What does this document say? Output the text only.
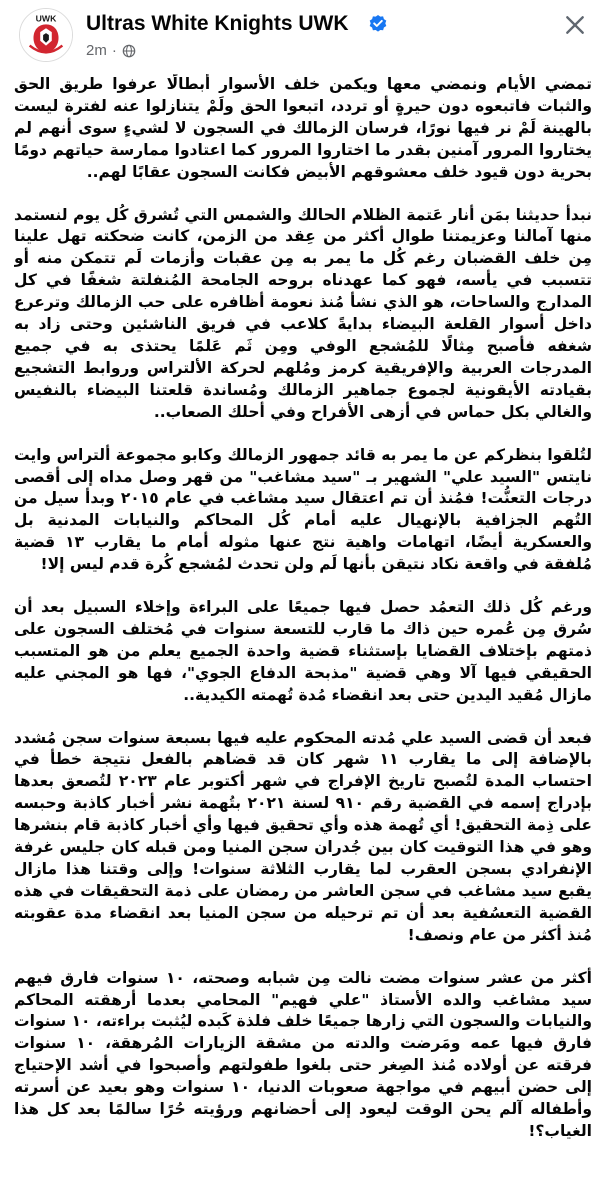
UWK Ultras White Knights UWK
2m ·

تمضي الأيام ونمضي معها ويكمن خلف الأسوار أبطالًا عرفوا طريق الحق والثبات فاتبعوه دون حيرةٍ أو تردد، اتبعوا الحق ولَمْ يتنازلوا عنه لفترة ليست بالهينة لَمْ نر فيها نورًا، فرسان الزمالك في السجون لا لشيءٍ سوى أنهم لم يختاروا المرور آمنين بقدر ما اختاروا المرور كما اعتادوا ممارسة حياتهم دومًا بحرية دون قيود خلف معشوقهم الأبيض فكانت السجون عقابًا لهم..

نبدأ حديثنا بمَن أنار عَتمة الظلام الحالك والشمس التي تُشرق كُل يوم لنستمد منها آمالنا وعزيمتنا طوال أكثر من عِقد من الزمن، كانت ضحكته تهل علينا مِن خلف القضبان رغم كُل ما يمر به مِن عقبات وأزمات لَم تتمكن منه أو تتسبب في يأسه، فهو كما عهدناه بروحه الجامحة المُنفلتة شغفًا في كل المدارج والساحات، هو الذي نشأ مُنذ نعومة أظافره على حب الزمالك وترعرع داخل أسوار القلعة البيضاء بدايةً كلاعب في فريق الناشئين وحتى زاد به شغفه فأصبح مِثالًا للمُشجع الوفي ومِن ثَم عَلمًا يحتذى به في جميع المدرجات العربية والإفريقية كرمز ومُلهم لحركة الألتراس وروابط التشجيع بقيادته الأيقونية لجموع جماهير الزمالك ومُساندة قلعتنا البيضاء بالنفيس والغالي بكل حماس في أزهى الأفراح وفي أحلك الصعاب..

لتُلقوا بنظركم عن ما يمر به قائد جمهور الزمالك وكابو مجموعة ألتراس وايت نايتس "السيد علي" الشهير بـ "سيد مشاغب" من قهر وصل مداه إلى أقصى درجات التعنُّت! فمُنذ أن تم اعتقال سيد مشاغب في عام ٢٠١٥ وبدأ سيل من التُهم الجزافية بالإنهيال عليه أمام كُل المحاكم والنيابات المدنية بل والعسكرية أيضًا، اتهامات واهية نتج عنها مثوله أمام ما يقارب ١٣ قضية مُلفقة في واقعة نكاد نتيقن بأنها لَم ولن تحدث لمُشجع كُرة قدم ليس إلا!

ورغم كُل ذلك التعمُد حصل فيها جميعًا على البراءة وإخلاء السبيل بعد أن سُرق مِن عُمره حين ذاك ما قارب للتسعة سنوات في مُختلف السجون على ذمتهم بإختلاف القضايا بإستثناء قضية واحدة الجميع يعلم من هو المتسبب الحقيقي فيها آلا وهي قضية "مذبحة الدفاع الجوي"، فها هو المجني عليه مازال مُقيد اليدين حتى بعد انقضاء مُدة تُهمته الكيدية..

فبعد أن قضى السيد علي مُدته المحكوم عليه فيها بسبعة سنوات سجن مُشدد بالإضافة إلى ما يقارب ١١ شهر كان قد قضاهم بالفعل نتيجة خطأ في احتساب المدة لتُصبح تاريخ الإفراج في شهر أكتوبر عام ٢٠٢٣ لتُصعق بعدها بإدراج إسمه في القضية رقم ٩١٠ لسنة ٢٠٢١ بتُهمة نشر أخبار كاذبة وحبسه على ذِمة التحقيق! أي تُهمة هذه وأي تحقيق فيها وأي أخبار كاذبة قام بنشرها وهو في هذا التوقيت كان بين جُدران سجن المنيا ومن قبله كان جليس غرفة الإنفرادي بسجن العقرب لما يقارب الثلاثة سنوات! وإلى وقتنا هذا مازال يقبع سيد مشاغب في سجن العاشر من رمضان على ذمة التحقيقات في هذه القضية التعسُفية بعد أن تم ترحيله من سجن المنيا بعد انقضاء مدة عقوبته مُنذ أكثر من عام ونصف!

أكثر من عشر سنوات مضت نالت مِن شبابه وصحته، ١٠ سنوات فارق فيهم سيد مشاغب والده الأستاذ "علي فهيم" المحامي بعدما أرهقته المحاكم والنيابات والسجون التي زارها جميعًا خلف فلذة كَبده ليُثبت براءته، ١٠ سنوات فارق فيها عمه ومَرضت والدته من مشقة الزيارات المُرهقة، ١٠ سنوات فرقته عن أولاده مُنذ الصِغر حتى بلغوا طفولتهم وأصبحوا في أشد الإحتياج إلى حضن أبيهم في مواجهة صعوبات الدنيا، ١٠ سنوات وهو بعيد عن أسرته وأطفاله آلم يحن الوقت ليعود إلى أحضانهم ورؤيته حُرًا سالمًا بعد كل هذا الغياب؟!
